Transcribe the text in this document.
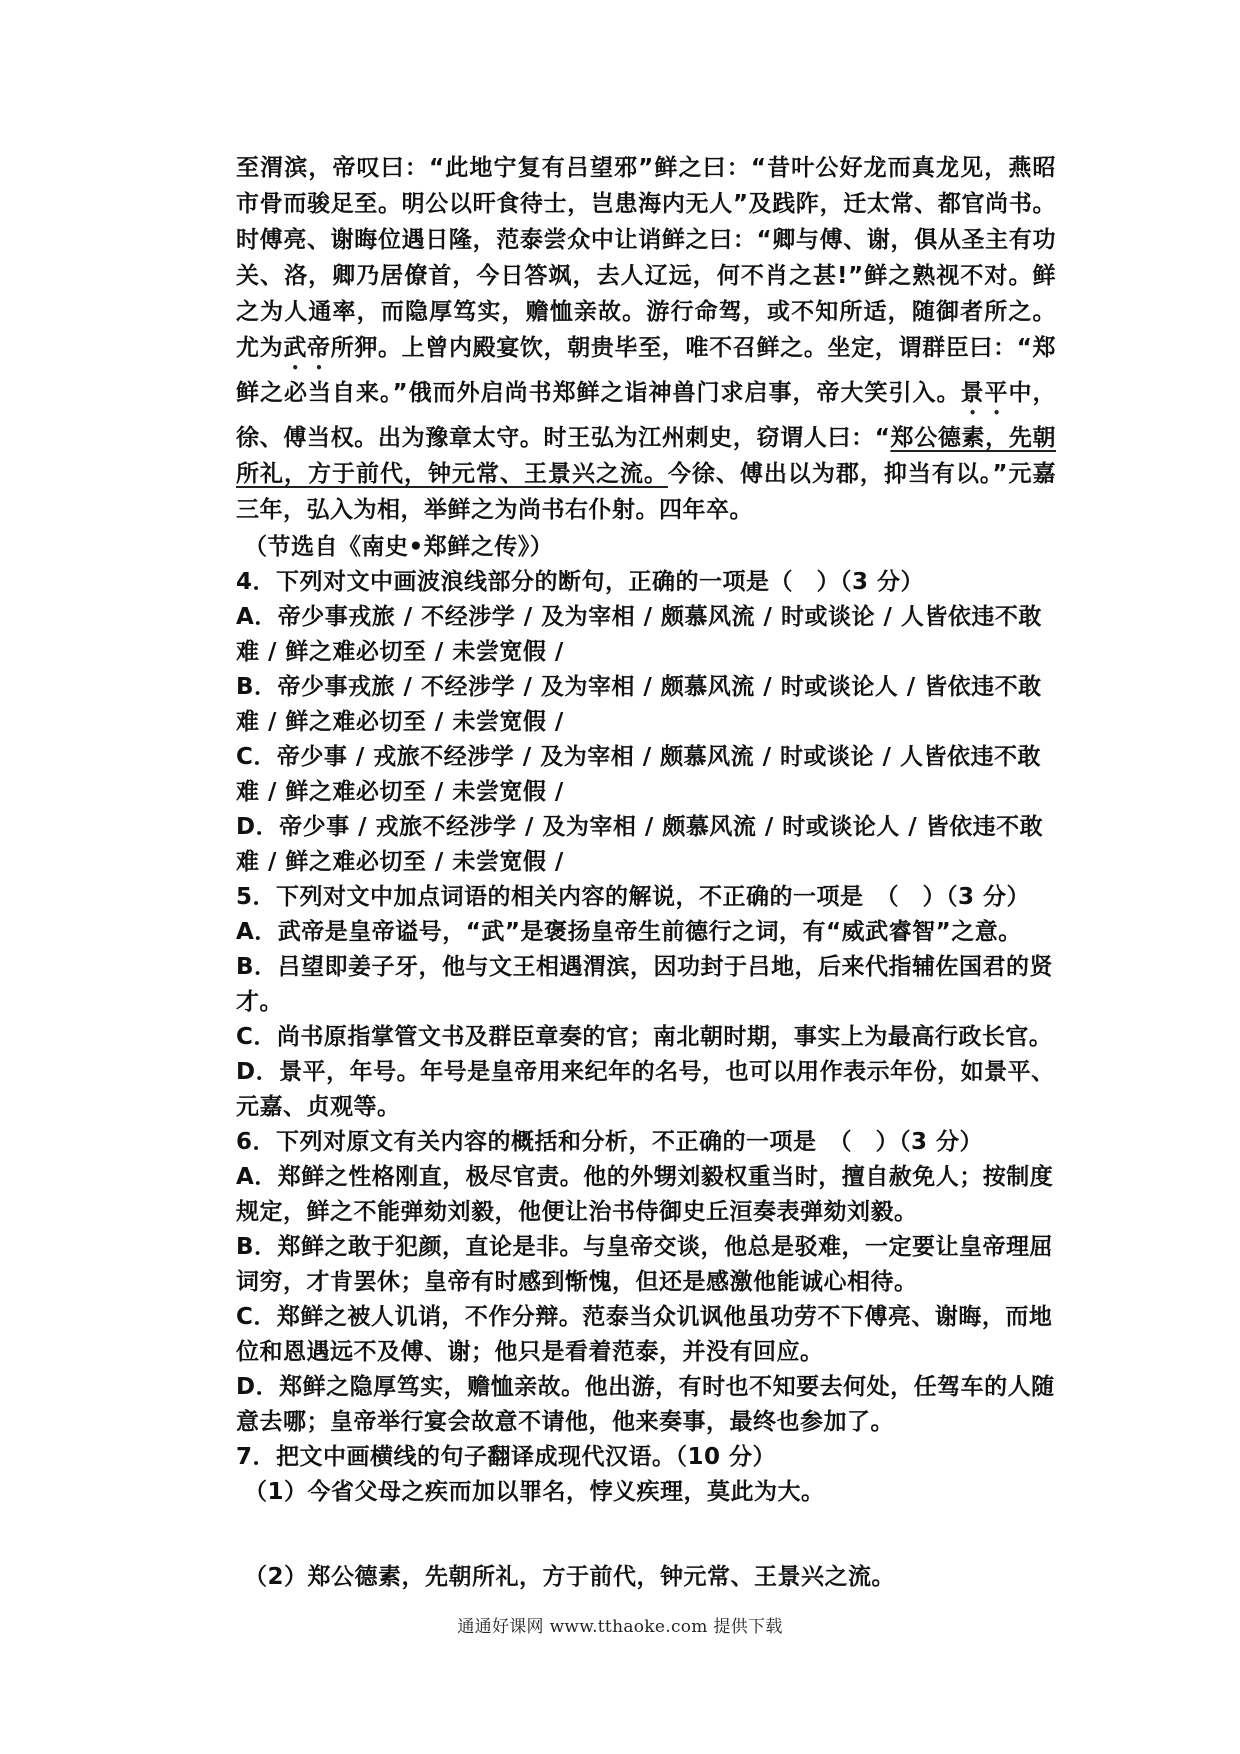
至渭滨，帝叹曰：“此地宁复有吕望邪”鲜之曰：“昔叶公好龙而真龙见，燕昭市骨而骏足至。明公以旰食待士，岂患海内无人”及践阼，迁太常、都官尚书。时傅亮、谢晦位遇日隆，范泰尝众中让诮鲜之曰：“卿与傅、谢，俱从圣主有功关、洛，卿乃居僚首，今日答飒，去人辽远，何不肖之甚!”鲜之熟视不对。鲜之为人通率，而隐厚笃实，赡恤亲故。游行命驾，或不知所适，随御者所之。尤为武帝所狎。上曾内殿宴饮，朝贵毕至，唯不召鲜之。坐定，谓群臣曰：“郑鲜之必当自来。”俄而外启尚书郑鲜之诣神兽门求启事，帝大笑引入。景平中，徐、傅当权。出为豫章太守。时王弘为江州刺史，窃谓人曰：“郑公德素，先朝所礼，方于前代，钟元常、王景兴之流。今徐、傅出以为郡，抑当有以。”元嘉三年，弘入为相，举鲜之为尚书右仆射。四年卒。

（节选自《南史•郑鲜之传》）

4．下列对文中画波浪线部分的断句，正确的一项是（　）（3 分）

A．帝少事戎旅 / 不经涉学 / 及为宰相 / 颇慕风流 / 时或谈论 / 人皆依违不敢难 / 鲜之难必切至 / 未尝宽假 /

B．帝少事戎旅 / 不经涉学 / 及为宰相 / 颇慕风流 / 时或谈论人 / 皆依违不敢难 / 鲜之难必切至 / 未尝宽假 /

C．帝少事 / 戎旅不经涉学 / 及为宰相 / 颇慕风流 / 时或谈论 / 人皆依违不敢难 / 鲜之难必切至 / 未尝宽假 /

D．帝少事 / 戎旅不经涉学 / 及为宰相 / 颇慕风流 / 时或谈论人 / 皆依违不敢难 / 鲜之难必切至 / 未尝宽假 /

5．下列对文中加点词语的相关内容的解说，不正确的一项是　（　）（3 分）

A．武帝是皇帝谥号，“武”是褒扬皇帝生前德行之词，有“威武睿智”之意。

B．吕望即姜子牙，他与文王相遇渭滨，因功封于吕地，后来代指辅佐国君的贤才。

C．尚书原指掌管文书及群臣章奏的官；南北朝时期，事实上为最高行政长官。

D．景平，年号。年号是皇帝用来纪年的名号，也可以用作表示年份，如景平、元嘉、贞观等。

6．下列对原文有关内容的概括和分析，不正确的一项是　（　）（3 分）

A．郑鲜之性格刚直，极尽官责。他的外甥刘毅权重当时，擅自赦免人；按制度规定，鲜之不能弹劾刘毅，他便让治书侍御史丘洹奏表弹劾刘毅。

B．郑鲜之敢于犯颜，直论是非。与皇帝交谈，他总是驳难，一定要让皇帝理屈词穷，才肯罢休；皇帝有时感到惭愧，但还是感激他能诚心相待。

C．郑鲜之被人讥诮，不作分辩。范泰当众讥讽他虽功劳不下傅亮、谢晦，而地位和恩遇远不及傅、谢；他只是看着范泰，并没有回应。

D．郑鲜之隐厚笃实，赡恤亲故。他出游，有时也不知要去何处，任驾车的人随意去哪；皇帝举行宴会故意不请他，他来奏事，最终也参加了。

7．把文中画横线的句子翻译成现代汉语。（10 分）

（1）今省父母之疾而加以罪名，悖义疾理，莫此为大。

（2）郑公德素，先朝所礼，方于前代，钟元常、王景兴之流。

通通好课网 www.tthaoke.com 提供下载
